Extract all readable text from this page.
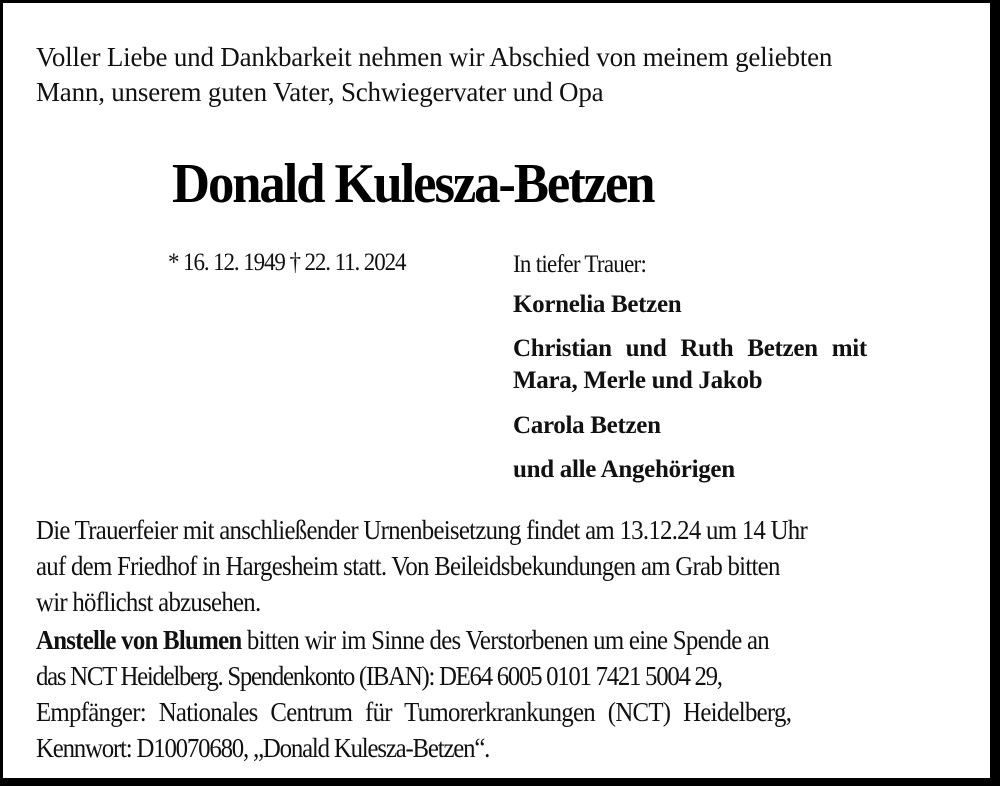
Voller Liebe und Dankbarkeit nehmen wir Abschied von meinem geliebten
Mann, unserem guten Vater, Schwiegervater und Opa
Donald Kulesza-Betzen
* 16. 12. 1949 † 22. 11. 2024	In tiefer Trauer:
Kornelia Betzen
Christian und Ruth Betzen mit
Mara, Merle und Jakob
Carola Betzen
und alle Angehörigen
Die Trauerfeier mit anschließender Urnenbeisetzung findet am 13.12.24 um 14 Uhr
auf dem Friedhof in Hargesheim statt. Von Beileidsbekundungen am Grab bitten
wir höflichst abzusehen.
Anstelle von Blumen bitten wir im Sinne des Verstorbenen um eine Spende an
das NCT Heidelberg. Spendenkonto (IBAN): DE64 6005 0101 7421 5004 29,
Empfänger: Nationales Centrum für Tumorerkrankungen (NCT) Heidelberg,
Kennwort: D10070680, „Donald Kulesza-Betzen“.
